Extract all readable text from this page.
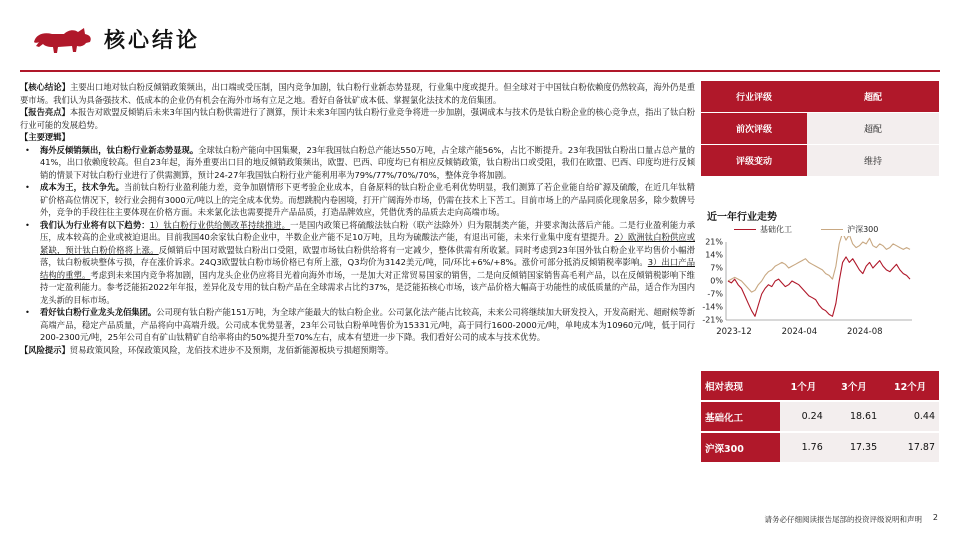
核心结论

【核心结论】主要出口地对钛白粉反倾销政策频出，出口端或受压制，国内竞争加剧，钛白粉行业新态势显现，行业集中度或提升。但全球对于中国钛白粉依赖度仍然较高，海外仍是重要市场。我们认为具备强技术、低成本的企业仍有机会在海外市场有立足之地。看好自备钛矿成本低、掌握氯化法技术的龙佰集团。

【报告亮点】本报告对欧盟反倾销后未来3年国内钛白粉供需进行了测算，预计未来3年国内钛白粉行业竞争将进一步加剧，强调成本与技术仍是钛白粉企业的核心竞争点，指出了钛白粉行业可能的发展趋势。

【主要逻辑】

• 海外反倾销频出，钛白粉行业新态势显现。全球钛白粉产能向中国集聚，23年我国钛白粉总产能达550万吨，占全球产能56%，占比不断提升。23年我国钛白粉出口量占总产量的41%，出口依赖度较高。但自23年起，海外重要出口目的地反倾销政策频出，欧盟、巴西、印度均已有相应反倾销政策，钛白粉出口或受阻，我们在欧盟、巴西、印度均进行反倾销的情景下对钛白粉行业进行了供需测算，预计24-27年我国钛白粉行业产能利用率为79%/77%/70%/70%，整体竞争将加剧。
• 成本为王，技术争先。当前钛白粉行业盈利能力差，竞争加剧情形下更考验企业成本，自备原料的钛白粉企业毛利优势明显，我们测算了若企业能自给矿源及硫酸，在近几年钛精矿价格高位情况下，较行业会拥有3000元/吨以上的完全成本优势。而想跳脱内卷困境，打开广阔海外市场，仍需在技术上下苦工。目前市场上的产品同质化现象居多，除少数牌号外，竞争的手段往往主要体现在价格方面。未来氯化法也需要提升产品品质，打造品牌效应，凭借优秀的品质去走向高端市场。
• 我们认为行业将有以下趋势：1）钛白粉行业供给侧改革持续推进。一是国内政策已将硫酸法钛白粉（联产法除外）归为限制类产能，并要求淘汰落后产能。二是行业盈利能力承压，成本较高的企业或被迫退出。目前我国40余家钛白粉企业中，半数企业产能不足10万吨，且均为硫酸法产能，有退出可能，未来行业集中度有望提升。2）欧洲钛白粉供应或紧缺，预计钛白粉价格将上涨。反倾销后中国对欧盟钛白粉出口受阻，欧盟市场钛白粉供给将有一定减少，整体供需有所收紧。同时考虑到23年国外钛白粉企业平均售价小幅滑落，钛白粉板块整体亏损，存在涨价诉求。24Q3欧盟钛白粉市场价格已有所上涨，Q3均价为3142美元/吨，同/环比+6%/+8%。涨价可部分抵消反倾销税率影响。3）出口产品结构的重塑。考虑到未来国内竞争将加剧，国内龙头企业仍应将目光着向海外市场，一是加大对正常贸易国家的销售，二是向反倾销国家销售高毛利产品，以在反倾销税影响下维持一定盈利能力。参考泛能拓2022年年报，差异化及专用的钛白粉产品在全球需求占比约37%，是泛能拓核心市场，该产品价格大幅高于功能性的成低质量的产品，适合作为国内龙头新的目标市场。
• 看好钛白粉行业龙头龙佰集团。公司现有钛白粉产能151万吨，为全球产能最大的钛白粉企业。公司氯化法产能占比较高，未来公司将继续加大研发投入，开发高耐光、超耐候等新高端产品，稳定产品质量，产品将向中高端升级。公司成本优势显著，23年公司钛白粉单吨售价为15331元/吨，高于同行1600-2000元/吨，单吨成本为10960元/吨，低于同行200-2300元/吨，25年公司自有矿山钛精矿自给率将由约50%提升至70%左右，成本有望进一步下降。我们看好公司的成本与技术优势。

【风险提示】贸易政策风险，环保政策风险，龙佰技术进步不及预期，龙佰新能源板块亏损超预期等。

行业评级	超配
前次评级	超配
评级变动	维持
近一年行业走势
基础化工	沪深300
21%
14%
7%
0%
-7%
-14%
-21%
2023-12	2024-04	2024-08
相对表现	1个月	3个月	12个月
基础化工	0.24	18.61	0.44
沪深300	1.76	17.35	17.87
请务必仔细阅读报告尾部的投资评级说明和声明 2
